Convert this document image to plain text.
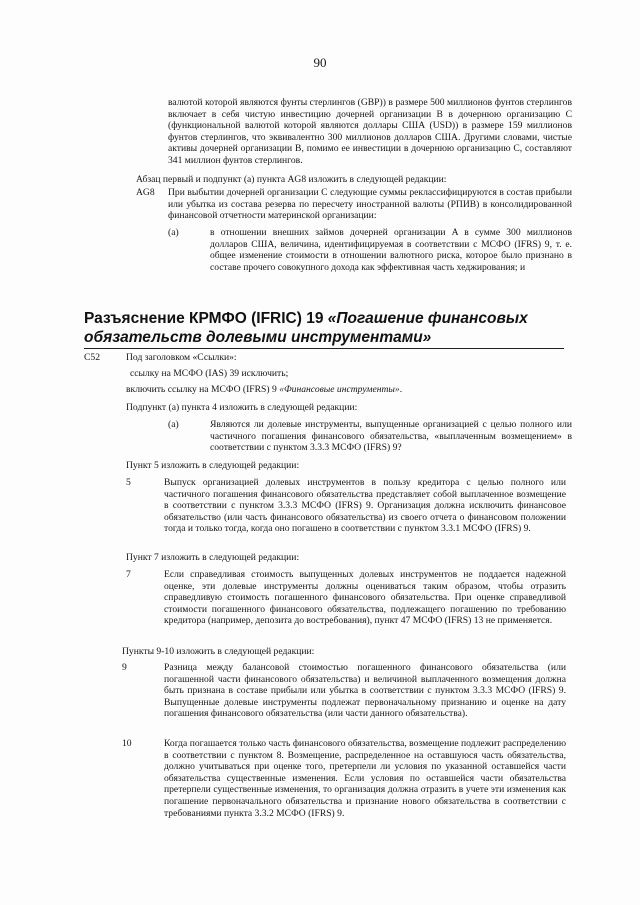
90
валютой которой являются фунты стерлингов (GBP)) в размере 500 миллионов фунтов стерлингов включает в себя чистую инвестицию дочерней организации B в дочернюю организацию C (функциональной валютой которой являются доллары США (USD)) в размере 159 миллионов фунтов стерлингов, что эквивалентно 300 миллионов долларов США. Другими словами, чистые активы дочерней организации B, помимо ее инвестиции в дочернюю организацию C, составляют 341 миллион фунтов стерлингов.
Абзац первый и подпункт (а) пункта AG8 изложить в следующей редакции:
AG8 При выбытии дочерней организации C следующие суммы реклассифицируются в состав прибыли или убытка из состава резерва по пересчету иностранной валюты (РПИВ) в консолидированной финансовой отчетности материнской организации:
(a)	в отношении внешних займов дочерней организации A в сумме 300 миллионов долларов США, величина, идентифицируемая в соответствии с МСФО (IFRS) 9, т. е. общее изменение стоимости в отношении валютного риска, которое было признано в составе прочего совокупного дохода как эффективная часть хеджирования; и
Разъяснение КРМФО (IFRIC) 19 «Погашение финансовых обязательств долевыми инструментами»
C52	Под заголовком «Ссылки»:
ссылку на МСФО (IAS) 39 исключить;
включить ссылку на МСФО (IFRS) 9 «Финансовые инструменты».
Подпункт (а) пункта 4 изложить в следующей редакции:
(a)	Являются ли долевые инструменты, выпущенные организацией с целью полного или частичного погашения финансового обязательства, «выплаченным возмещением» в соответствии с пунктом 3.3.3 МСФО (IFRS) 9?
Пункт 5 изложить в следующей редакции:
5	Выпуск организацией долевых инструментов в пользу кредитора с целью полного или частичного погашения финансового обязательства представляет собой выплаченное возмещение в соответствии с пунктом 3.3.3 МСФО (IFRS) 9. Организация должна исключить финансовое обязательство (или часть финансового обязательства) из своего отчета о финансовом положении тогда и только тогда, когда оно погашено в соответствии с пунктом 3.3.1 МСФО (IFRS) 9.
Пункт 7 изложить в следующей редакции:
7	Если справедливая стоимость выпущенных долевых инструментов не поддается надежной оценке, эти долевые инструменты должны оцениваться таким образом, чтобы отразить справедливую стоимость погашенного финансового обязательства. При оценке справедливой стоимости погашенного финансового обязательства, подлежащего погашению по требованию кредитора (например, депозита до востребования), пункт 47 МСФО (IFRS) 13 не применяется.
Пункты 9-10 изложить в следующей редакции:
9	Разница между балансовой стоимостью погашенного финансового обязательства (или погашенной части финансового обязательства) и величиной выплаченного возмещения должна быть признана в составе прибыли или убытка в соответствии с пунктом 3.3.3 МСФО (IFRS) 9. Выпущенные долевые инструменты подлежат первоначальному признанию и оценке на дату погашения финансового обязательства (или части данного обязательства).
10	Когда погашается только часть финансового обязательства, возмещение подлежит распределению в соответствии с пунктом 8. Возмещение, распределенное на оставшуюся часть обязательства, должно учитываться при оценке того, претерпели ли условия по указанной оставшейся части обязательства существенные изменения. Если условия по оставшейся части обязательства претерпели существенные изменения, то организация должна отразить в учете эти изменения как погашение первоначального обязательства и признание нового обязательства в соответствии с требованиями пункта 3.3.2 МСФО (IFRS) 9.
